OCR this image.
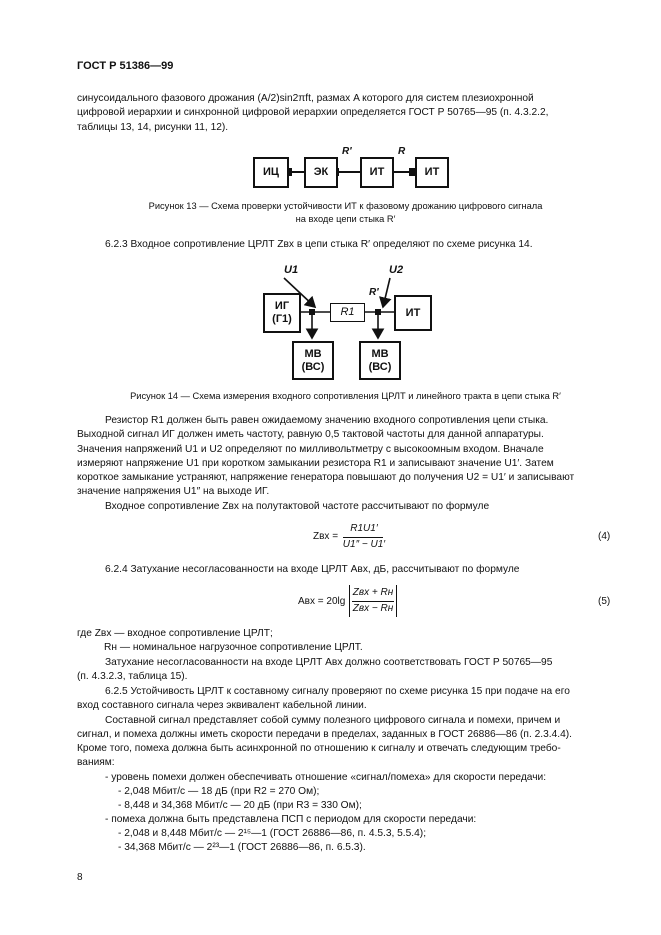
ГОСТ Р 51386—99
синусоидального фазового дрожания (A/2)sin2πft, размах A которого для систем плезиохронной
цифровой иерархии и синхронной цифровой иерархии определяется ГОСТ Р 50765—95 (п. 4.3.2.2,
таблицы 13, 14, рисунки 11, 12).
ИЦ	ЭК	ИТ	ИТ
R′	R
Рисунок 13 — Схема проверки устойчивости ИТ к фазовому дрожанию цифрового сигнала
на входе цепи стыка R′
6.2.3 Входное сопротивление ЦРЛТ Zвх в цепи стыка R′ определяют по схеме рисунка 14.
ИГ
(Г1)
R1	ИТ
МВ
(ВС)
МВ
(ВС)
U1	U2
R′
Рисунок 14 — Схема измерения входного сопротивления ЦРЛТ и линейного тракта в цепи стыка R′
Резистор R1 должен быть равен ожидаемому значению входного сопротивления цепи стыка.
Выходной сигнал ИГ должен иметь частоту, равную 0,5 тактовой частоты для данной аппаратуры.
Значения напряжений U1 и U2 определяют по милливольтметру с высокоомным входом. Вначале
измеряют напряжение U1 при коротком замыкании резистора R1 и записывают значение U1′. Затем
короткое замыкание устраняют, напряжение генератора повышают до получения U2 = U1′ и записывают
значение напряжения U1″ на выходе ИГ.
Входное сопротивление Zвх на полутактовой частоте рассчитывают по формуле
Zвх =
R1U1′
U1″ − U1′
(4)
6.2.4 Затухание несогласованности на входе ЦРЛТ Aвх, дБ, рассчитывают по формуле
Aвх = 20lg
Zвх + Rн
Zвх − Rн
(5)
где Zвх — входное сопротивление ЦРЛТ;
Rн — номинальное нагрузочное сопротивление ЦРЛТ.
Затухание несогласованности на входе ЦРЛТ Aвх должно соответствовать ГОСТ Р 50765—95
(п. 4.3.2.3, таблица 15).
6.2.5 Устойчивость ЦРЛТ к составному сигналу проверяют по схеме рисунка 15 при подаче на его
вход составного сигнала через эквивалент кабельной линии.
Составной сигнал представляет собой сумму полезного цифрового сигнала и помехи, причем и
сигнал, и помеха должны иметь скорости передачи в пределах, заданных в ГОСТ 26886—86 (п. 2.3.4.4).
Кроме того, помеха должна быть асинхронной по отношению к сигналу и отвечать следующим требо-
ваниям:
- уровень помехи должен обеспечивать отношение «сигнал/помеха» для скорости передачи:
- 2,048 Мбит/с — 18 дБ (при R2 = 270 Ом);
- 8,448 и 34,368 Мбит/с — 20 дБ (при R3 = 330 Ом);
- помеха должна быть представлена ПСП с периодом для скорости передачи:
- 2,048 и 8,448 Мбит/с — 2¹⁵—1 (ГОСТ 26886—86, п. 4.5.3, 5.5.4);
- 34,368 Мбит/с — 2²³—1 (ГОСТ 26886—86, п. 6.5.3).
8
